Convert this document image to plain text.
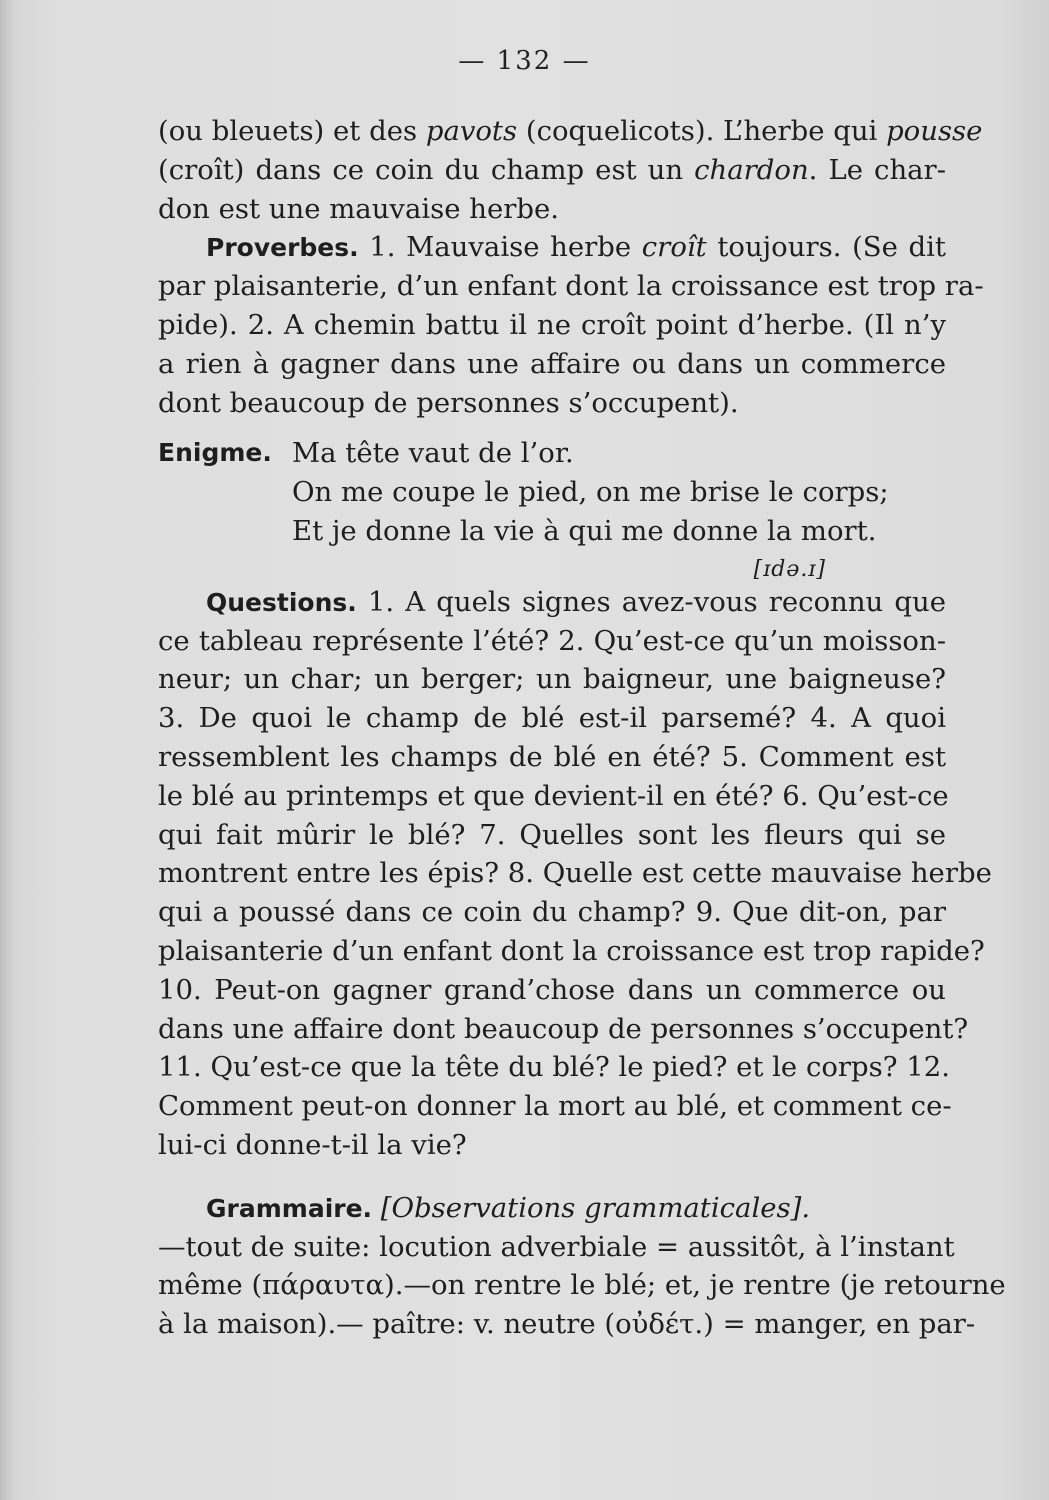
— 132 —
(ou bleuets) et des pavots (coquelicots). L’herbe qui pousse
(croît) dans ce coin du champ est un chardon. Le char-
don est une mauvaise herbe.
Proverbes. 1. Mauvaise herbe croît toujours. (Se dit
par plaisanterie, d’un enfant dont la croissance est trop ra-
pide). 2. A chemin battu il ne croît point d’herbe. (Il n’y
a rien à gagner dans une affaire ou dans un commerce
dont beaucoup de personnes s’occupent).
Enigme. Ma tête vaut de l’or.
On me coupe le pied, on me brise le corps;
Et je donne la vie à qui me donne la mort.
[ɪdə.ɪ]
Questions. 1. A quels signes avez-vous reconnu que
ce tableau représente l’été? 2. Qu’est-ce qu’un moisson-
neur; un char; un berger; un baigneur, une baigneuse?
3. De quoi le champ de blé est-il parsemé? 4. A quoi
ressemblent les champs de blé en été? 5. Comment est
le blé au printemps et que devient-il en été? 6. Qu’est-ce
qui fait mûrir le blé? 7. Quelles sont les fleurs qui se
montrent entre les épis? 8. Quelle est cette mauvaise herbe
qui a poussé dans ce coin du champ? 9. Que dit-on, par
plaisanterie d’un enfant dont la croissance est trop rapide?
10. Peut-on gagner grand’chose dans un commerce ou
dans une affaire dont beaucoup de personnes s’occupent?
11. Qu’est-ce que la tête du blé? le pied? et le corps? 12.
Comment peut-on donner la mort au blé, et comment ce-
lui-ci donne-t-il la vie?
Grammaire. [Observations grammaticales].
—tout de suite: locution adverbiale = aussitôt, à l’instant
même (πάραυτα).—on rentre le blé; et, je rentre (je retourne
à la maison).— paître: v. neutre (οὐδέτ.) = manger, en par-
